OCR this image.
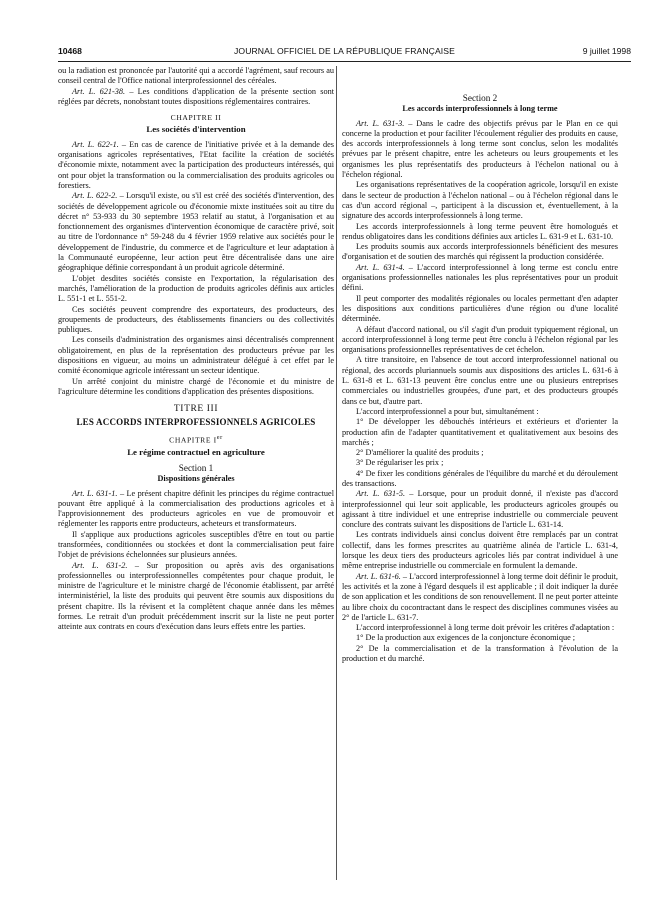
10468	JOURNAL OFFICIEL DE LA RÉPUBLIQUE FRANÇAISE	9 juillet 1998

ou la radiation est prononcée par l'autorité qui a accordé l'agrément, sauf recours au conseil central de l'Office national interprofessionnel des céréales.

Art. L. 621-38. – Les conditions d'application de la présente section sont réglées par décrets, nonobstant toutes dispositions réglementaires contraires.

CHAPITRE II
Les sociétés d'intervention

Art. L. 622-1. – En cas de carence de l'initiative privée et à la demande des organisations agricoles représentatives, l'Etat facilite la création de sociétés d'économie mixte, notamment avec la participation des producteurs intéressés, qui ont pour objet la transformation ou la commercialisation des produits agricoles ou forestiers.

Art. L. 622-2. – Lorsqu'il existe, ou s'il est créé des sociétés d'intervention, des sociétés de développement agricole ou d'économie mixte instituées soit au titre du décret n° 53-933 du 30 septembre 1953 relatif au statut, à l'organisation et au fonctionnement des organismes d'intervention économique de caractère privé, soit au titre de l'ordonnance n° 59-248 du 4 février 1959 relative aux sociétés pour le développement de l'industrie, du commerce et de l'agriculture et leur adaptation à la Communauté européenne, leur action peut être décentralisée dans une aire géographique définie correspondant à un produit agricole déterminé.

L'objet desdites sociétés consiste en l'exportation, la régularisation des marchés, l'amélioration de la production de produits agricoles définis aux articles L. 551-1 et L. 551-2.

Ces sociétés peuvent comprendre des exportateurs, des producteurs, des groupements de producteurs, des établissements financiers ou des collectivités publiques.

Les conseils d'administration des organismes ainsi décentralisés comprennent obligatoirement, en plus de la représentation des producteurs prévue par les dispositions en vigueur, au moins un administrateur délégué à cet effet par le comité économique agricole intéressant un secteur identique.

Un arrêté conjoint du ministre chargé de l'économie et du ministre de l'agriculture détermine les conditions d'application des présentes dispositions.

TITRE III
LES ACCORDS INTERPROFESSIONNELS AGRICOLES
CHAPITRE Ier
Le régime contractuel en agriculture
Section 1
Dispositions générales

Art. L. 631-1. – Le présent chapitre définit les principes du régime contractuel pouvant être appliqué à la commercialisation des productions agricoles et à l'approvisionnement des producteurs agricoles en vue de promouvoir et réglementer les rapports entre producteurs, acheteurs et transformateurs.

Il s'applique aux productions agricoles susceptibles d'être en tout ou partie transformées, conditionnées ou stockées et dont la commercialisation peut faire l'objet de prévisions échelonnées sur plusieurs années.

Art. L. 631-2. – Sur proposition ou après avis des organisations professionnelles ou interprofessionnelles compétentes pour chaque produit, le ministre de l'agriculture et le ministre chargé de l'économie établissent, par arrêté interministériel, la liste des produits qui peuvent être soumis aux dispositions du présent chapitre. Ils la révisent et la complètent chaque année dans les mêmes formes. Le retrait d'un produit précédemment inscrit sur la liste ne peut porter atteinte aux contrats en cours d'exécution dans leurs effets entre les parties.

Section 2
Les accords interprofessionnels à long terme

Art. L. 631-3. – Dans le cadre des objectifs prévus par le Plan en ce qui concerne la production et pour faciliter l'écoulement régulier des produits en cause, des accords interprofessionnels à long terme sont conclus, selon les modalités prévues par le présent chapitre, entre les acheteurs ou leurs groupements et les organismes les plus représentatifs des producteurs à l'échelon national ou à l'échelon régional.

Les organisations représentatives de la coopération agricole, lorsqu'il en existe dans le secteur de production à l'échelon national – ou à l'échelon régional dans le cas d'un accord régional –, participent à la discussion et, éventuellement, à la signature des accords interprofessionnels à long terme.

Les accords interprofessionnels à long terme peuvent être homologués et rendus obligatoires dans les conditions définies aux articles L. 631-9 et L. 631-10.

Les produits soumis aux accords interprofessionnels bénéficient des mesures d'organisation et de soutien des marchés qui régissent la production considérée.

Art. L. 631-4. – L'accord interprofessionnel à long terme est conclu entre organisations professionnelles nationales les plus représentatives pour un produit défini.

Il peut comporter des modalités régionales ou locales permettant d'en adapter les dispositions aux conditions particulières d'une région ou d'une localité déterminée.

A défaut d'accord national, ou s'il s'agit d'un produit typiquement régional, un accord interprofessionnel à long terme peut être conclu à l'échelon régional par les organisations professionnelles représentatives de cet échelon.

A titre transitoire, en l'absence de tout accord interprofessionnel national ou régional, des accords pluriannuels soumis aux dispositions des articles L. 631-6 à L. 631-8 et L. 631-13 peuvent être conclus entre une ou plusieurs entreprises commerciales ou industrielles groupées, d'une part, et des producteurs groupés dans ce but, d'autre part.

L'accord interprofessionnel a pour but, simultanément :

1° De développer les débouchés intérieurs et extérieurs et d'orienter la production afin de l'adapter quantitativement et qualitativement aux besoins des marchés ;

2° D'améliorer la qualité des produits ;

3° De régulariser les prix ;

4° De fixer les conditions générales de l'équilibre du marché et du déroulement des transactions.

Art. L. 631-5. – Lorsque, pour un produit donné, il n'existe pas d'accord interprofessionnel qui leur soit applicable, les producteurs agricoles groupés ou agissant à titre individuel et une entreprise industrielle ou commerciale peuvent conclure des contrats suivant les dispositions de l'article L. 631-14.

Les contrats individuels ainsi conclus doivent être remplacés par un contrat collectif, dans les formes prescrites au quatrième alinéa de l'article L. 631-4, lorsque les deux tiers des producteurs agricoles liés par contrat individuel à une même entreprise industrielle ou commerciale en formulent la demande.

Art. L. 631-6. – L'accord interprofessionnel à long terme doit définir le produit, les activités et la zone à l'égard desquels il est applicable ; il doit indiquer la durée de son application et les conditions de son renouvellement. Il ne peut porter atteinte au libre choix du cocontractant dans le respect des disciplines communes visées au 2° de l'article L. 631-7.

L'accord interprofessionnel à long terme doit prévoir les critères d'adaptation :

1° De la production aux exigences de la conjoncture économique ;

2° De la commercialisation et de la transformation à l'évolution de la production et du marché.
